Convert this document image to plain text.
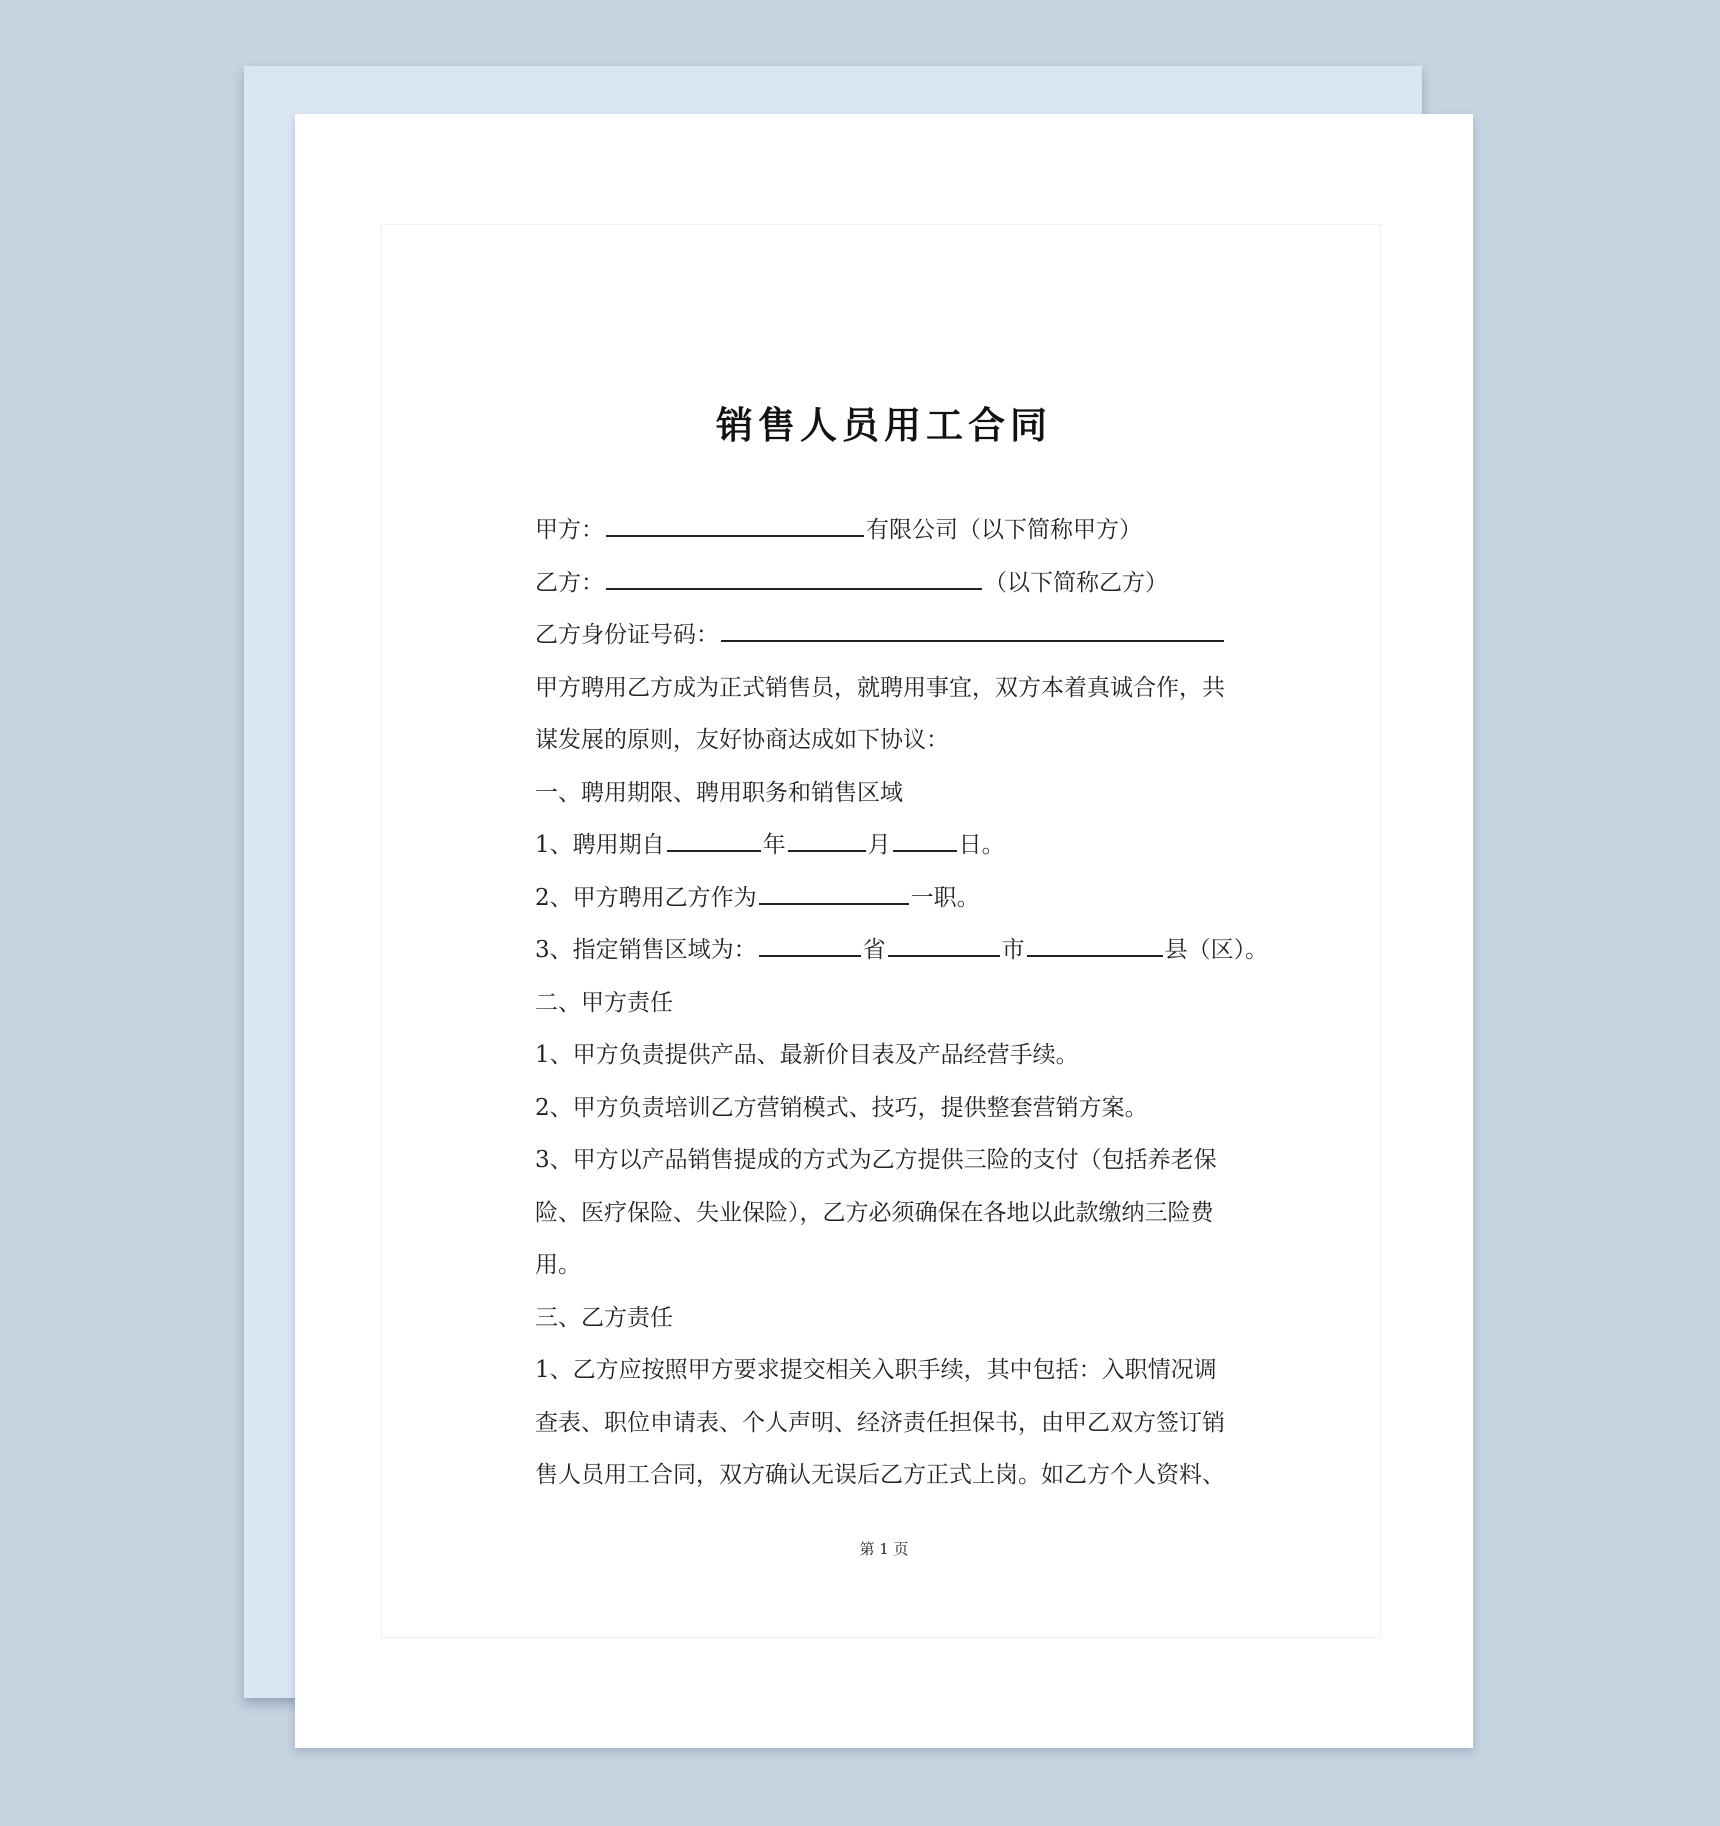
销售人员用工合同
甲方：	有限公司（以下简称甲方）
乙方：	（以下简称乙方）
乙方身份证号码：
甲方聘用乙方成为正式销售员，就聘用事宜，双方本着真诚合作，共
谋发展的原则，友好协商达成如下协议：
一、聘用期限、聘用职务和销售区域
1、聘用期自	年	月	日。
2、甲方聘用乙方作为	一职。
3、指定销售区域为：	省	市	县（区）。
二、甲方责任
1、甲方负责提供产品、最新价目表及产品经营手续。
2、甲方负责培训乙方营销模式、技巧，提供整套营销方案。
3、甲方以产品销售提成的方式为乙方提供三险的支付（包括养老保
险、医疗保险、失业保险），乙方必须确保在各地以此款缴纳三险费
用。
三、乙方责任
1、乙方应按照甲方要求提交相关入职手续，其中包括：入职情况调
查表、职位申请表、个人声明、经济责任担保书，由甲乙双方签订销
售人员用工合同，双方确认无误后乙方正式上岗。如乙方个人资料、
第 1 页
